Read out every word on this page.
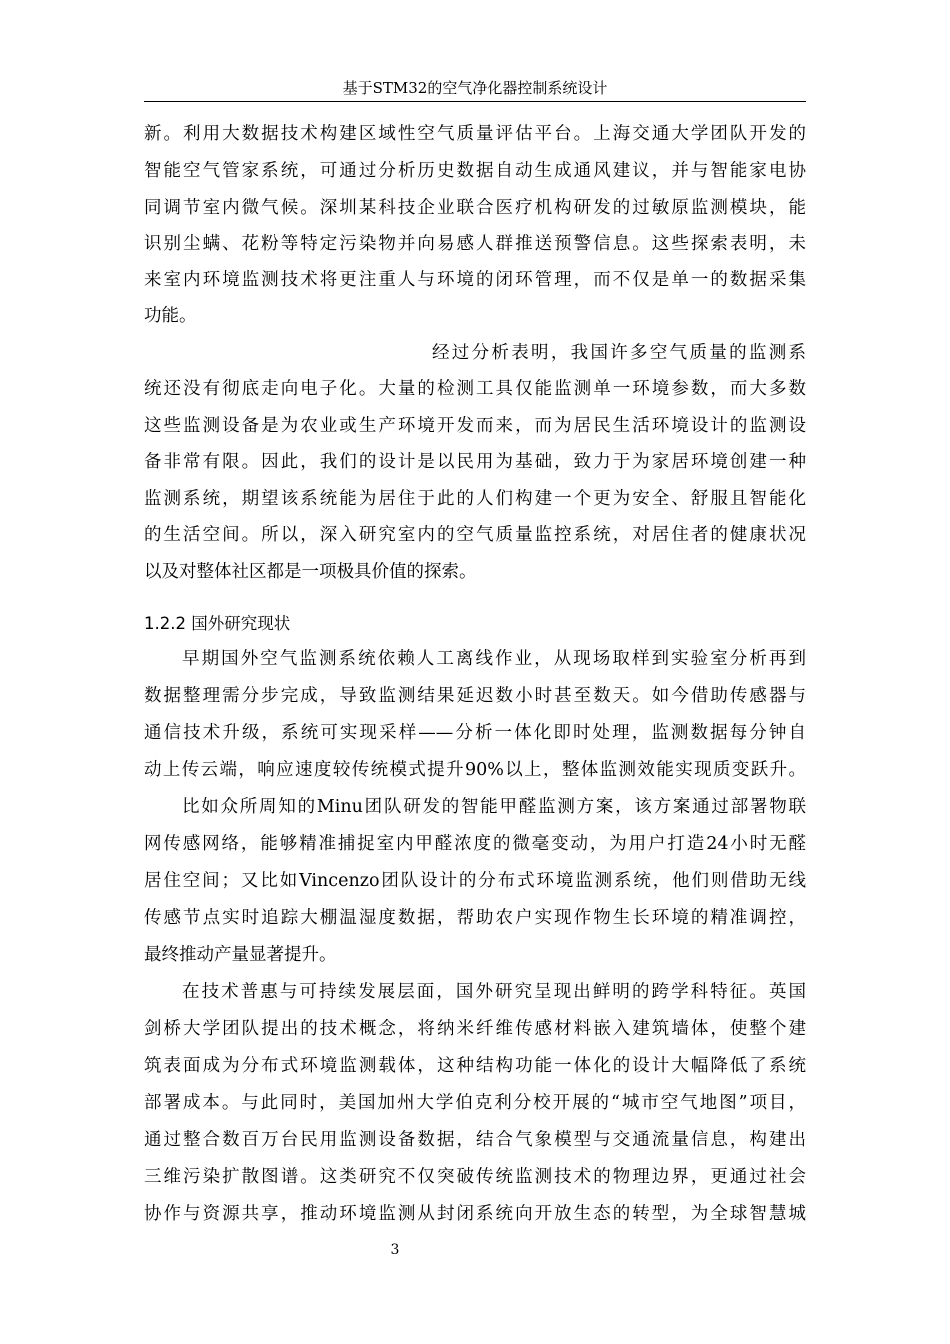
基于STM32的空气净化器控制系统设计
新。利用大数据技术构建区域性空气质量评估平台。上海交通大学团队开发的
智能空气管家系统，可通过分析历史数据自动生成通风建议，并与智能家电协
同调节室内微气候。深圳某科技企业联合医疗机构研发的过敏原监测模块，能
识别尘螨、花粉等特定污染物并向易感人群推送预警信息。这些探索表明，未
来室内环境监测技术将更注重人与环境的闭环管理，而不仅是单一的数据采集
功能。
经过分析表明，我国许多空气质量的监测系
统还没有彻底走向电子化。大量的检测工具仅能监测单一环境参数，而大多数
这些监测设备是为农业或生产环境开发而来，而为居民生活环境设计的监测设
备非常有限。因此，我们的设计是以民用为基础，致力于为家居环境创建一种
监测系统，期望该系统能为居住于此的人们构建一个更为安全、舒服且智能化
的生活空间。所以，深入研究室内的空气质量监控系统，对居住者的健康状况
以及对整体社区都是一项极具价值的探索。
1.2.2 国外研究现状
早期国外空气监测系统依赖人工离线作业，从现场取样到实验室分析再到
数据整理需分步完成，导致监测结果延迟数小时甚至数天。如今借助传感器与
通信技术升级，系统可实现采样——分析一体化即时处理，监测数据每分钟自
动上传云端，响应速度较传统模式提升90%以上，整体监测效能实现质变跃升。
比如众所周知的Minu团队研发的智能甲醛监测方案，该方案通过部署物联
网传感网络，能够精准捕捉室内甲醛浓度的微毫变动，为用户打造24小时无醛
居住空间；又比如Vincenzo团队设计的分布式环境监测系统，他们则借助无线
传感节点实时追踪大棚温湿度数据，帮助农户实现作物生长环境的精准调控，
最终推动产量显著提升。
在技术普惠与可持续发展层面，国外研究呈现出鲜明的跨学科特征。英国
剑桥大学团队提出的技术概念，将纳米纤维传感材料嵌入建筑墙体，使整个建
筑表面成为分布式环境监测载体，这种结构功能一体化的设计大幅降低了系统
部署成本。与此同时，美国加州大学伯克利分校开展的“城市空气地图”项目，
通过整合数百万台民用监测设备数据，结合气象模型与交通流量信息，构建出
三维污染扩散图谱。这类研究不仅突破传统监测技术的物理边界，更通过社会
协作与资源共享，推动环境监测从封闭系统向开放生态的转型，为全球智慧城
3
